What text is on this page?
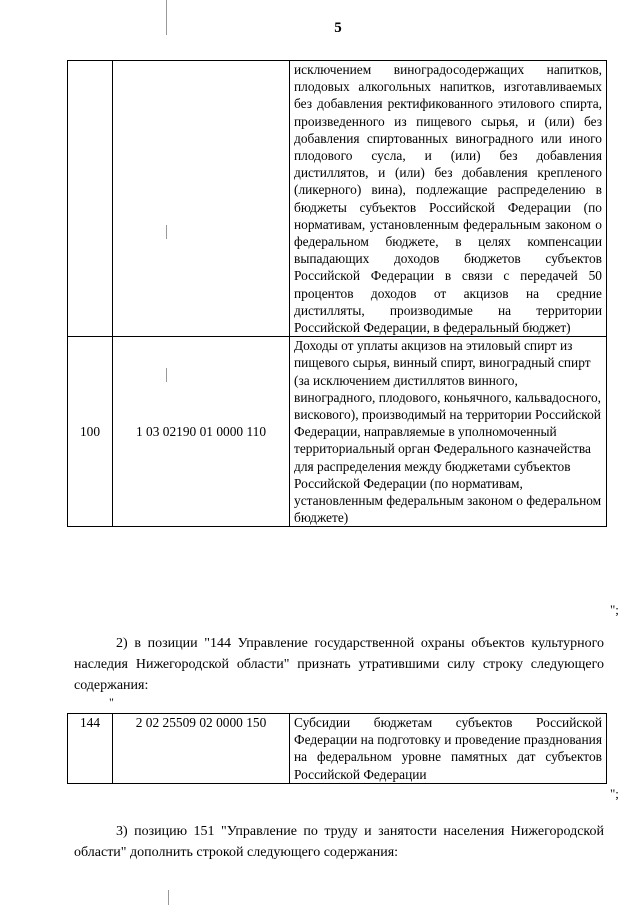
5
		исключением виноградосодержащих напитков, плодовых алкогольных напитков, изготавливаемых без добавления ректификованного этилового спирта, произведенного из пищевого сырья, и (или) без добавления спиртованных виноградного или иного плодового сусла, и (или) без добавления дистиллятов, и (или) без добавления крепленого (ликерного) вина), подлежащие распределению в бюджеты субъектов Российской Федерации (по нормативам, установленным федеральным законом о федеральном бюджете, в целях компенсации выпадающих доходов бюджетов субъектов Российской Федерации в связи с передачей 50 процентов доходов от акцизов на средние дистилляты, производимые на территории Российской Федерации, в федеральный бюджет)
100	1 03 02190 01 0000 110	Доходы от уплаты акцизов на этиловый спирт из пищевого сырья, винный спирт, виноградный спирт (за исключением дистиллятов винного, виноградного, плодового, коньячного, кальвадосного, вискового), производимый на территории Российской Федерации, направляемые в уполномоченный территориальный орган Федерального казначейства для распределения между бюджетами субъектов Российской Федерации (по нормативам, установленным федеральным законом о федеральном бюджете)
";
2) в позиции "144 Управление государственной охраны объектов культурного наследия Нижегородской области" признать утратившими силу строку следующего содержания:
"
144	2 02 25509 02 0000 150	Субсидии бюджетам субъектов Российской Федерации на подготовку и проведение празднования на федеральном уровне памятных дат субъектов Российской Федерации
";
3) позицию 151 "Управление по труду и занятости населения Нижегородской области" дополнить строкой следующего содержания:
